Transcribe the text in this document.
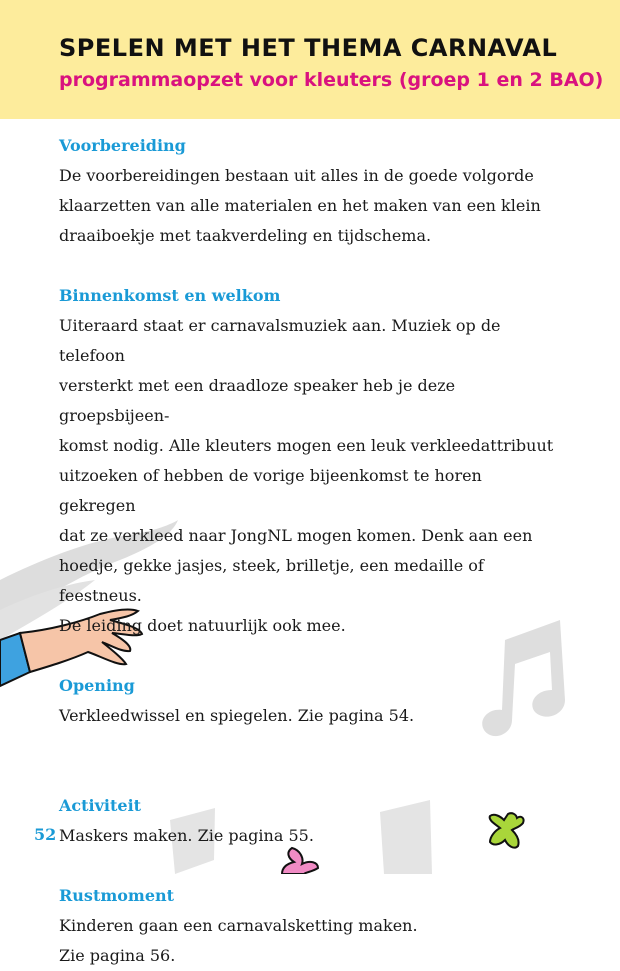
SPELEN MET HET THEMA CARNAVAL
programmaopzet voor kleuters (groep 1 en 2 BAO)

Voorbereiding

De voorbereidingen bestaan uit alles in de goede volgorde

klaarzetten van alle materialen en het maken van een klein

draaiboekje met taakverdeling en tijdschema.

Binnenkomst en welkom

Uiteraard staat er carnavalsmuziek aan. Muziek op de telefoon

versterkt met een draadloze speaker heb je deze groepsbijeen-

komst nodig. Alle kleuters mogen een leuk verkleedattribuut

uitzoeken of hebben de vorige bijeenkomst te horen gekregen

dat ze verkleed naar JongNL mogen komen. Denk aan een

hoedje, gekke jasjes, steek, brilletje, een medaille of feestneus.

De leiding doet natuurlijk ook mee.

Opening

Verkleedwissel en spiegelen. Zie pagina 54.

Activiteit

Maskers maken. Zie pagina 55.

Rustmoment

Kinderen gaan een carnavalsketting maken.

Zie pagina 56.

52
